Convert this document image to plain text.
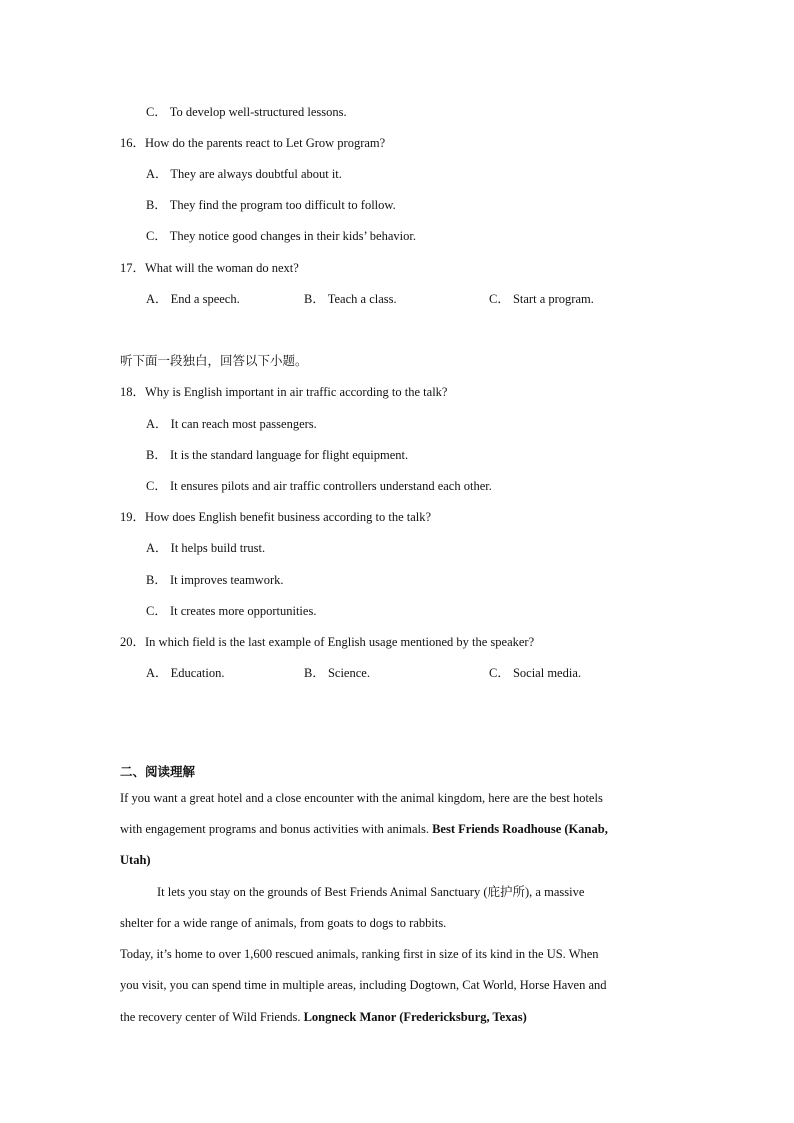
C． To develop well-structured lessons.
16．How do the parents react to Let Grow program?
A． They are always doubtful about it.
B． They find the program too difficult to follow.
C． They notice good changes in their kids’ behavior.
17．What will the woman do next?
A． End a speech.	B． Teach a class.	C． Start a program.
听下面一段独白，回答以下小题。
18．Why is English important in air traffic according to the talk?
A． It can reach most passengers.
B． It is the standard language for flight equipment.
C． It ensures pilots and air traffic controllers understand each other.
19．How does English benefit business according to the talk?
A． It helps build trust.
B． It improves teamwork.
C． It creates more opportunities.
20．In which field is the last example of English usage mentioned by the speaker?
A． Education.	B． Science.	C． Social media.
二、阅读理解
If you want a great hotel and a close encounter with the animal kingdom, here are the best hotels
with engagement programs and bonus activities with animals. Best Friends Roadhouse (Kanab,
Utah)
It lets you stay on the grounds of Best Friends Animal Sanctuary (庇护所), a massive
shelter for a wide range of animals, from goats to dogs to rabbits.
Today, it’s home to over 1,600 rescued animals, ranking first in size of its kind in the US. When
you visit, you can spend time in multiple areas, including Dogtown, Cat World, Horse Haven and
the recovery center of Wild Friends. Longneck Manor (Fredericksburg, Texas)
